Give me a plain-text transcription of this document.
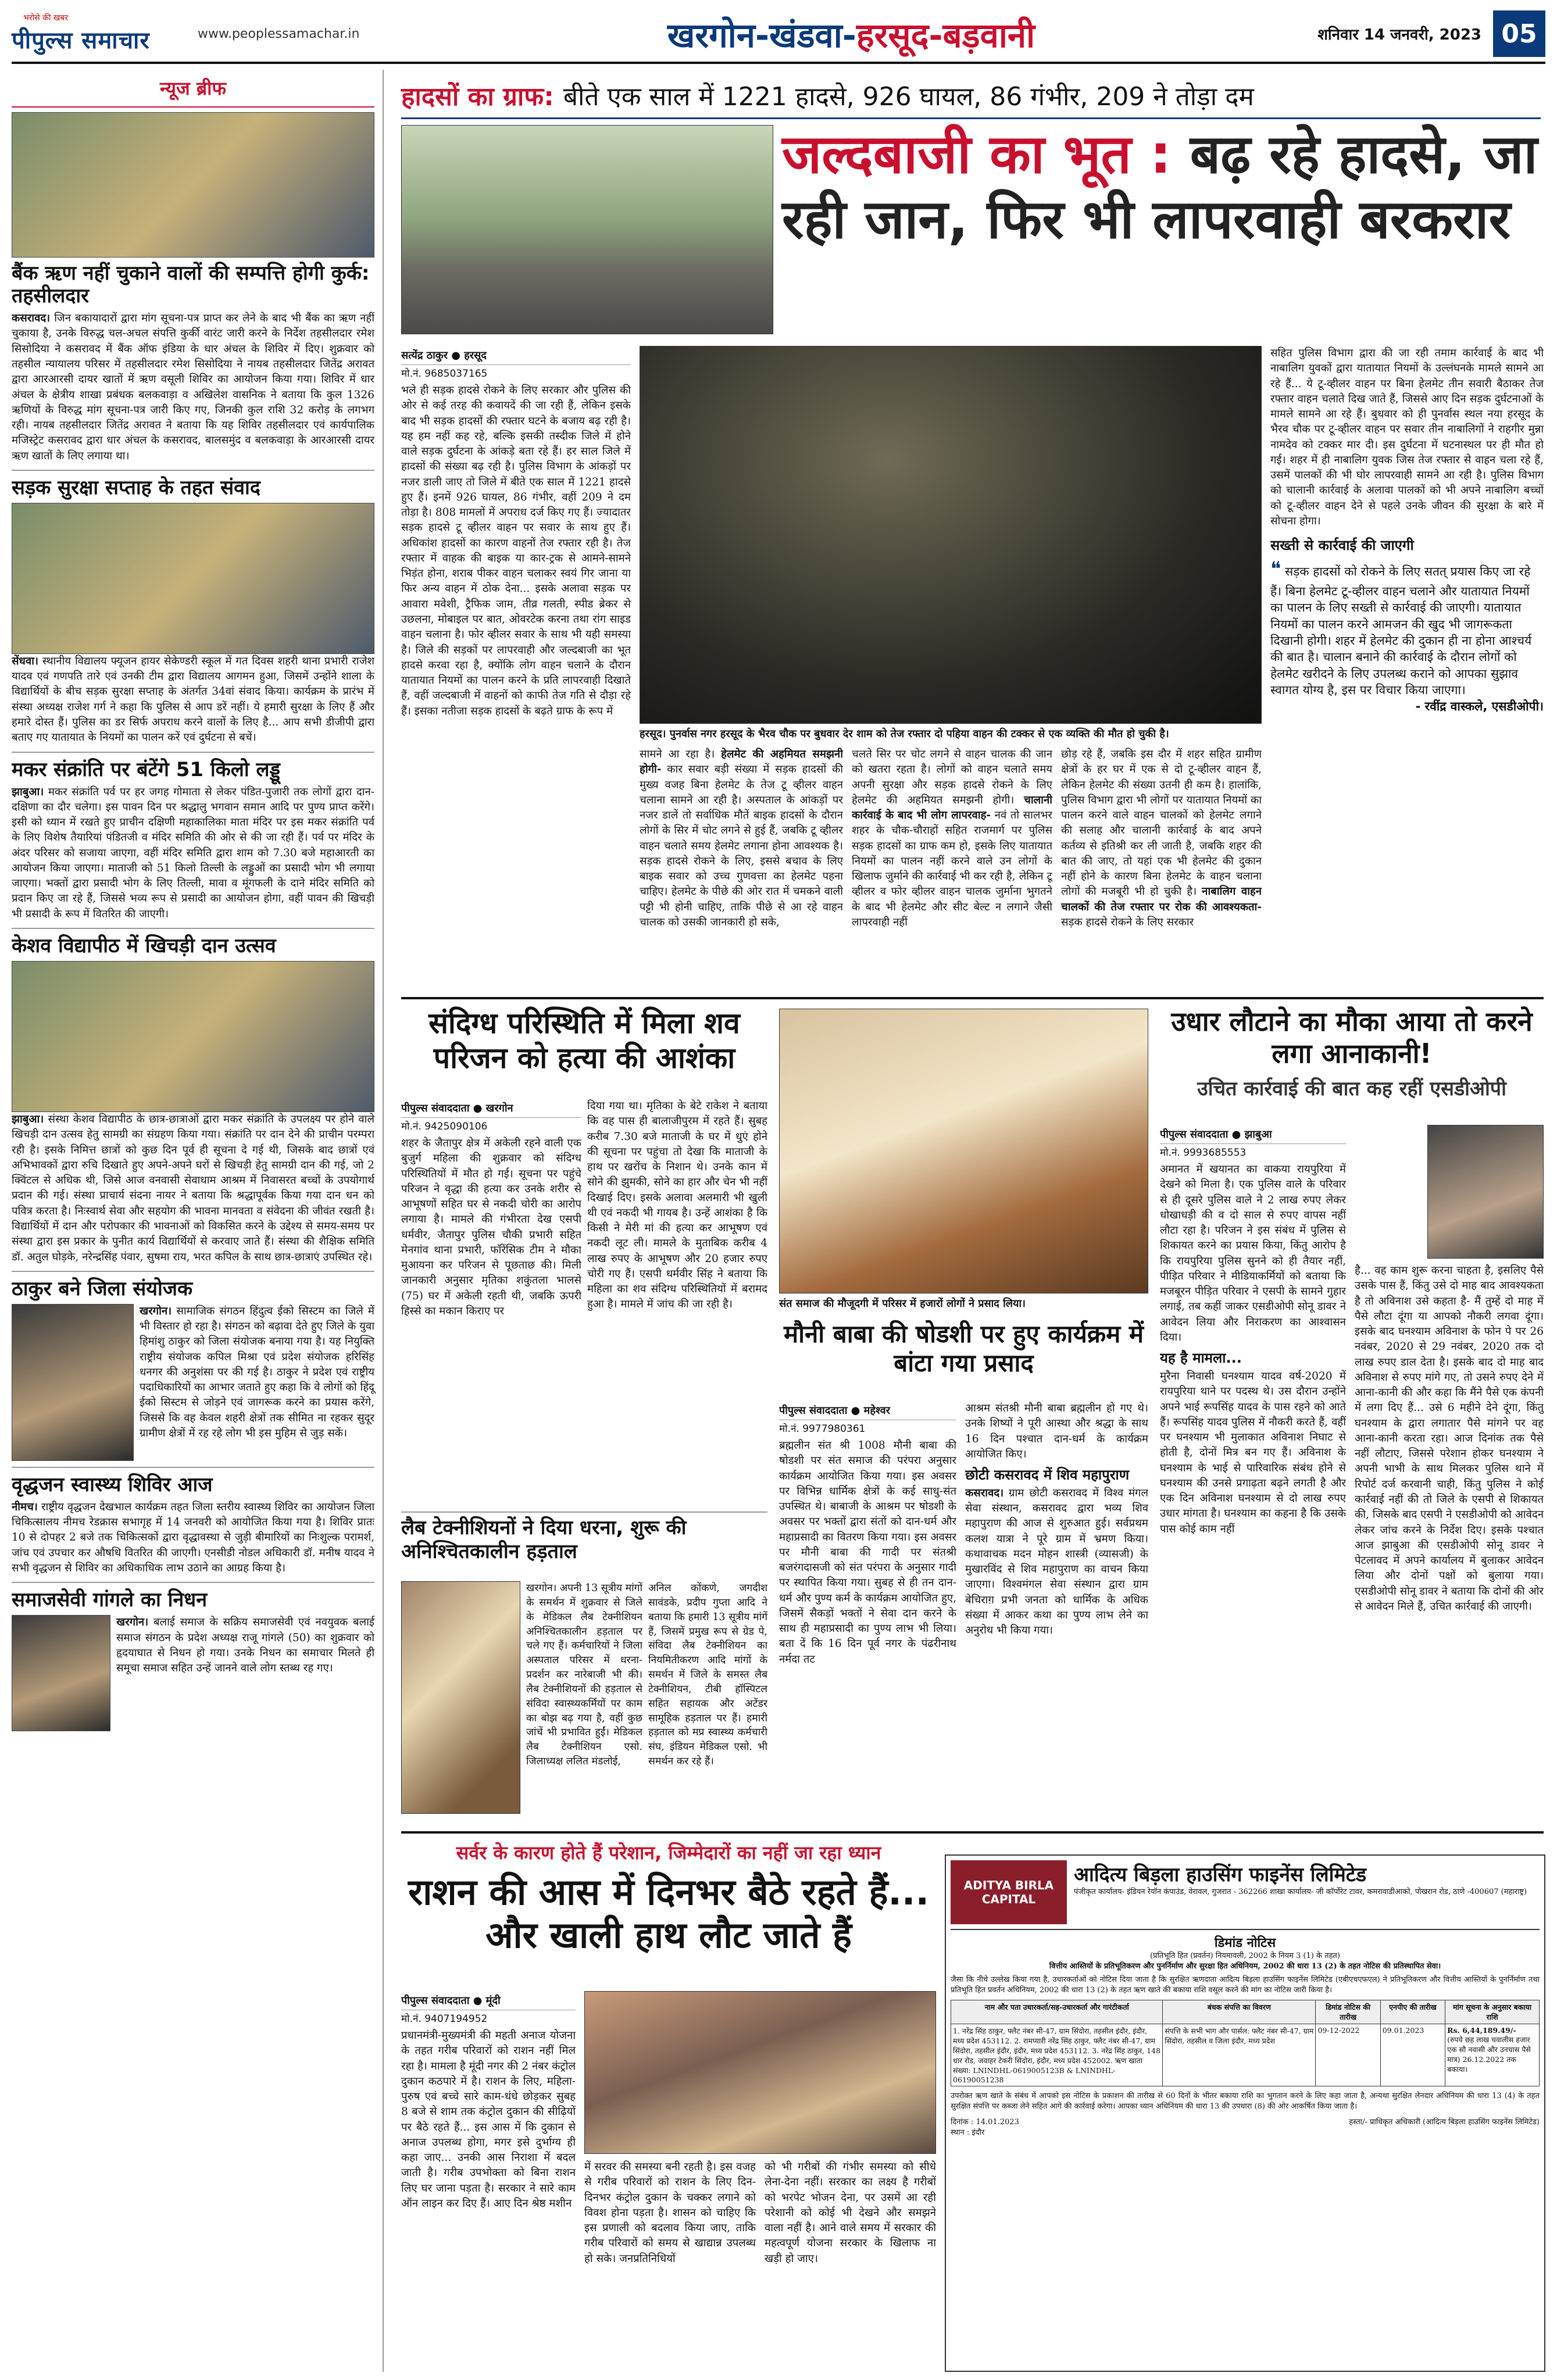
भरोसे की खबर
पीपुल्स समाचार	www.peoplessamachar.in	खरगोन-खंडवा-हरसूद-बड़वानी	शनिवार 14 जनवरी, 2023 05
न्यूज ब्रीफ
बैंक ऋण नहीं चुकाने वालों की सम्पत्ति होगी कुर्क: तहसीलदार

कसरावद। जिन बकायादारों द्वारा मांग सूचना-पत्र प्राप्त कर लेने के बाद भी बैंक का ऋण नहीं चुकाया है, उनके विरुद्ध चल-अचल संपत्ति कुर्की वारंट जारी करने के निर्देश तहसीलदार रमेश सिसोदिया ने कसरावद में बैंक ऑफ इंडिया के धार अंचल के शिविर में दिए। शुक्रवार को तहसील न्यायालय परिसर में तहसीलदार रमेश सिसोदिया ने नायब तहसीलदार जितेंद्र अरावत द्वारा आरआरसी दायर खातों में ऋण वसूली शिविर का आयोजन किया गया। शिविर में धार अंचल के क्षेत्रीय शाखा प्रबंधक बलकवाड़ा व अखिलेश वासनिक ने बताया कि कुल 1326 ऋणियों के विरुद्ध मांग सूचना-पत्र जारी किए गए, जिनकी कुल राशि 32 करोड़ के लगभग रही। नायब तहसीलदार जितेंद्र अरावत ने बताया कि यह शिविर तहसीलदार एवं कार्यपालिक मजिस्ट्रेट कसरावद द्वारा धार अंचल के कसरावद, बालसमुंद व बलकवाड़ा के आरआरसी दायर ऋण खातों के लिए लगाया था।

सड़क सुरक्षा सप्ताह के तहत संवाद

सेंधवा। स्थानीय विद्यालय फ्यूजन हायर सेकेण्डरी स्कूल में गत दिवस शहरी थाना प्रभारी राजेश यादव एवं गणपति तारे एवं उनकी टीम द्वारा विद्यालय आगमन हुआ, जिसमें उन्होंने शाला के विद्यार्थियों के बीच सड़क सुरक्षा सप्ताह के अंतर्गत 34वां संवाद किया। कार्यक्रम के प्रारंभ में संस्था अध्यक्ष राजेश गर्ग ने कहा कि पुलिस से आप डरें नहीं। ये हमारी सुरक्षा के लिए हैं और हमारे दोस्त हैं। पुलिस का डर सिर्फ अपराध करने वालों के लिए है... आप सभी डीजीपी द्वारा बताए गए यातायात के नियमों का पालन करें एवं दुर्घटना से बचें।

मकर संक्रांति पर बंटेंगे 51 किलो लड्डू

झाबुआ। मकर संक्रांति पर्व पर हर जगह गोमाता से लेकर पंडित-पुजारी तक लोगों द्वारा दान-दक्षिणा का दौर चलेगा। इस पावन दिन पर श्रद्धालु भगवान समान आदि पर पुण्य प्राप्त करेंगे। इसी को ध्यान में रखते हुए प्राचीन दक्षिणी महाकालिका माता मंदिर पर इस मकर संक्रांति पर्व के लिए विशेष तैयारियां पंडितजी व मंदिर समिति की ओर से की जा रही हैं। पर्व पर मंदिर के अंदर परिसर को सजाया जाएगा, वहीं मंदिर समिति द्वारा शाम को 7.30 बजे महाआरती का आयोजन किया जाएगा। माताजी को 51 किलो तिल्ली के लड्डुओं का प्रसादी भोग भी लगाया जाएगा। भक्तों द्वारा प्रसादी भोग के लिए तिल्ली, मावा व मूंगफली के दाने मंदिर समिति को प्रदान किए जा रहे हैं, जिससे भव्य रूप से प्रसादी का आयोजन होगा, वहीं पावन की खिचड़ी भी प्रसादी के रूप में वितरित की जाएगी।

केशव विद्यापीठ में खिचड़ी दान उत्सव

झाबुआ। संस्था केशव विद्यापीठ के छात्र-छात्राओं द्वारा मकर संक्रांति के उपलक्ष्य पर होने वाले खिचड़ी दान उत्सव हेतु सामग्री का संग्रहण किया गया। संक्रांति पर दान देने की प्राचीन परम्परा रही है। इसके निमित्त छात्रों को कुछ दिन पूर्व ही सूचना दे गई थी, जिसके बाद छात्रों एवं अभिभावकों द्वारा रुचि दिखाते हुए अपने-अपने घरों से खिचड़ी हेतु सामग्री दान की गई, जो 2 क्विंटल से अधिक थी, जिसे आज वनवासी सेवाधाम आश्रम में निवासरत बच्चों के उपयोगार्थ प्रदान की गई। संस्था प्राचार्य संदना नायर ने बताया कि श्रद्धापूर्वक किया गया दान धन को पवित्र करता है। निःस्वार्थ सेवा और सहयोग की भावना मानवता व संवेदना की जीवंत रखती है। विद्यार्थियों में दान और परोपकार की भावनाओं को विकसित करने के उद्देश्य से समय-समय पर संस्था द्वारा इस प्रकार के पुनीत कार्य विद्यार्थियों से करवाए जाते हैं। संस्था की शैक्षिक समिति डॉ. अतुल घोड़के, नरेन्द्रसिंह पंवार, सुषमा राय, भरत कपिल के साथ छात्र-छात्राएं उपस्थित रहे।

ठाकुर बने जिला संयोजक

खरगोन। सामाजिक संगठन हिंदुत्व ईको सिस्टम का जिले में भी विस्तार हो रहा है। संगठन को बढ़ावा देते हुए जिले के युवा हिमांशु ठाकुर को जिला संयोजक बनाया गया है। यह नियुक्ति राष्ट्रीय संयोजक कपिल मिश्रा एवं प्रदेश संयोजक हरिसिंह धनगर की अनुशंसा पर की गई है। ठाकुर ने प्रदेश एवं राष्ट्रीय पदाधिकारियों का आभार जताते हुए कहा कि वे लोगों को हिंदू ईको सिस्टम से जोड़ने एवं जागरूक करने का प्रयास करेंगे, जिससे कि वह केवल शहरी क्षेत्रों तक सीमित ना रहकर सुदूर ग्रामीण क्षेत्रों में रह रहे लोग भी इस मुहिम से जुड़ सकें।

वृद्धजन स्वास्थ्य शिविर आज

नीमच। राष्ट्रीय वृद्धजन देखभाल कार्यक्रम तहत जिला स्तरीय स्वास्थ्य शिविर का आयोजन जिला चिकित्सालय नीमच रेडक्रास सभागृह में 14 जनवरी को आयोजित किया गया है। शिविर प्रातः 10 से दोपहर 2 बजे तक चिकित्सकों द्वारा वृद्धावस्था से जुड़ी बीमारियों का निःशुल्क परामर्श, जांच एवं उपचार कर औषधि वितरित की जाएगी। एनसीडी नोडल अधिकारी डॉ. मनीष यादव ने सभी वृद्धजन से शिविर का अधिकाधिक लाभ उठाने का आग्रह किया है।

समाजसेवी गांगले का निधन

खरगोन। बलाई समाज के सक्रिय समाजसेवी एवं नवयुवक बलाई समाज संगठन के प्रदेश अध्यक्ष राजू गांगले (50) का शुक्रवार को हृदयाघात से निधन हो गया। उनके निधन का समाचार मिलते ही समूचा समाज सहित उन्हें जानने वाले लोग स्तब्ध रह गए।

हादसों का ग्राफ: बीते एक साल में 1221 हादसे, 926 घायल, 86 गंभीर, 209 ने तोड़ा दम
जल्दबाजी का भूत : बढ़ रहे हादसे, जा रही जान, फिर भी लापरवाही बरकरार
सत्येंद्र ठाकुर ● हरसूद
मो.नं. 9685037165

भले ही सड़क हादसे रोकने के लिए सरकार और पुलिस की ओर से कई तरह की कवायदें की जा रही हैं, लेकिन इसके बाद भी सड़क हादसों की रफ्तार घटने के बजाय बढ़ रही है। यह हम नहीं कह रहे, बल्कि इसकी तस्दीक जिले में होने वाले सड़क दुर्घटना के आंकड़े बता रहे हैं। हर साल जिले में हादसों की संख्या बढ़ रही है। पुलिस विभाग के आंकड़ों पर नजर डाली जाए तो जिले में बीते एक साल में 1221 हादसे हुए हैं। इनमें 926 घायल, 86 गंभीर, वहीं 209 ने दम तोड़ा है। 808 मामलों में अपराध दर्ज किए गए हैं। ज्यादातर सड़क हादसे टू व्हीलर वाहन पर सवार के साथ हुए हैं। अधिकांश हादसों का कारण वाहनों तेज रफ्तार रही है। तेज रफ्तार में वाहक की बाइक या कार-ट्रक से आमने-सामने भिड़ंत होना, शराब पीकर वाहन चलाकर स्वयं गिर जाना या फिर अन्य वाहन में ठोक देना... इसके अलावा सड़क पर आवारा मवेशी, ट्रैफिक जाम, तीव्र गलती, स्पीड ब्रेकर से उछलना, मोबाइल पर बात, ओवरटेक करना तथा रांग साइड वाहन चलाना है। फोर व्हीलर सवार के साथ भी यही समस्या है। जिले की सड़कों पर लापरवाही और जल्दबाजी का भूत हादसे करवा रहा है, क्योंकि लोग वाहन चलाने के दौरान यातायात नियमों का पालन करने के प्रति लापरवाही दिखाते हैं, वहीं जल्दबाजी में वाहनों को काफी तेज गति से दौड़ा रहे हैं। इसका नतीजा सड़क हादसों के बढ़ते ग्राफ के रूप में

हरसूद। पुनर्वास नगर हरसूद के भैरव चौक पर बुधवार देर शाम को तेज रफ्तार दो पहिया वाहन की टक्कर से एक व्यक्ति की मौत हो चुकी है।

सामने आ रहा है। हेलमेट की अहमियत समझनी होगी- कार सवार बड़ी संख्या में सड़क हादसों की मुख्य वजह बिना हेलमेट के तेज टू व्हीलर वाहन चलाना सामने आ रही है। अस्पताल के आंकड़ों पर नजर डालें तो सर्वाधिक मौतें बाइक हादसों के दौरान लोगों के सिर में चोट लगने से हुई हैं, जबकि टू व्हीलर वाहन चलाते समय हेलमेट लगाना होना आवश्यक है। सड़क हादसे रोकने के लिए, इससे बचाव के लिए बाइक सवार को उच्च गुणवत्ता का हेलमेट पहना चाहिए। हेलमेट के पीछे की ओर रात में चमकने वाली पट्टी भी होनी चाहिए, ताकि पीछे से आ रहे वाहन चालक को उसकी जानकारी हो सके,

चलते सिर पर चोट लगने से वाहन चालक की जान को खतरा रहता है। लोगों को वाहन चलाते समय अपनी सुरक्षा और सड़क हादसे रोकने के लिए हेलमेट की अहमियत समझनी होगी। चालानी कार्रवाई के बाद भी लोग लापरवाह- नवं तो सालभर शहर के चौक-चौराहों सहित राजमार्ग पर पुलिस सड़क हादसों का ग्राफ कम हो, इसके लिए यातायात नियमों का पालन नहीं करने वाले उन लोगों के खिलाफ जुर्माने की कार्रवाई भी कर रही है, लेकिन टू व्हीलर व फोर व्हीलर वाहन चालक जुर्माना भुगतने के बाद भी हेलमेट और सीट बेल्ट न लगाने जैसी लापरवाही नहीं

छोड़ रहे हैं, जबकि इस दौर में शहर सहित ग्रामीण क्षेत्रों के हर घर में एक से दो टू-व्हीलर वाहन हैं, लेकिन हेलमेट की संख्या उतनी ही कम है। हालांकि, पुलिस विभाग द्वारा भी लोगों पर यातायात नियमों का पालन करने वाले वाहन चालकों को हेलमेट लगाने की सलाह और चालानी कार्रवाई के बाद अपने कर्तव्य से इतिश्री कर ली जाती है, जबकि शहर की बात की जाए, तो यहां एक भी हेलमेट की दुकान नहीं होने के कारण बिना हेलमेट के वाहन चलाना लोगों की मजबूरी भी हो चुकी है। नाबालिग वाहन चालकों की तेज रफ्तार पर रोक की आवश्यकता- सड़क हादसे रोकने के लिए सरकार

सहित पुलिस विभाग द्वारा की जा रही तमाम कार्रवाई के बाद भी नाबालिग युवकों द्वारा यातायात नियमों के उल्लंघनके मामले सामने आ रहे हैं... ये टू-व्हीलर वाहन पर बिना हेलमेट तीन सवारी बैठाकर तेज रफ्तार वाहन चलाते दिख जाते हैं, जिससे आए दिन सड़क दुर्घटनाओं के मामले सामने आ रहे हैं। बुधवार को ही पुनर्वास स्थल नया हरसूद के भैरव चौक पर टू-व्हीलर वाहन पर सवार तीन नाबालिगों ने राहगीर मुन्ना नामदेव को टक्कर मार दी। इस दुर्घटना में घटनास्थल पर ही मौत हो गई। शहर में ही नाबालिग युवक जिस तेज रफ्तार से वाहन चला रहे हैं, उसमें पालकों की भी घोर लापरवाही सामने आ रही है। पुलिस विभाग को चालानी कार्रवाई के अलावा पालकों को भी अपने नाबालिग बच्चों को टू-व्हीलर वाहन देने से पहले उनके जीवन की सुरक्षा के बारे में सोचना होगा।

सख्ती से कार्रवाई की जाएगी

❝ सड़क हादसों को रोकने के लिए सतत् प्रयास किए जा रहे हैं। बिना हेलमेट टू-व्हीलर वाहन चलाने और यातायात नियमों का पालन के लिए सख्ती से कार्रवाई की जाएगी। यातायात नियमों का पालन करने आमजन की खुद भी जागरूकता दिखानी होगी। शहर में हेलमेट की दुकान ही ना होना आश्चर्य की बात है। चालान बनाने की कार्रवाई के दौरान लोगों को हेलमेट खरीदने के लिए उपलब्ध कराने को आपका सुझाव स्वागत योग्य है, इस पर विचार किया जाएगा।

- रवींद्र वास्कले, एसडीओपी।

संदिग्ध परिस्थिति में मिला शव परिजन को हत्या की आशंका
पीपुल्स संवाददाता ● खरगोन
मो.नं. 9425090106

शहर के जैतापुर क्षेत्र में अकेली रहने वाली एक बुजुर्ग महिला की शुक्रवार को संदिग्ध परिस्थितियों में मौत हो गई। सूचना पर पहुंचे परिजन ने वृद्धा की हत्या कर उनके शरीर से आभूषणों सहित घर से नकदी चोरी का आरोप लगाया है। मामले की गंभीरता देख एसपी धर्मवीर, जैतापुर पुलिस चौकी प्रभारी सहित मेनगांव थाना प्रभारी, फॉरेंसिक टीम ने मौका मुआयना कर परिजन से पूछताछ की। मिली जानकारी अनुसार मृतिका शकुंतला भालसे (75) घर में अकेली रहती थी, जबकि ऊपरी हिस्से का मकान किराए पर

दिया गया था। मृतिका के बेटे राकेश ने बताया कि वह पास ही बालाजीपुरम में रहते हैं। सुबह करीब 7.30 बजे माताजी के घर में धुएं होने की सूचना पर पहुंचा तो देखा कि माताजी के हाथ पर खरोंच के निशान थे। उनके कान में सोने की झुमकी, सोने का हार और चेन भी नहीं दिखाई दिए। इसके अलावा अलमारी भी खुली थी एवं नकदी भी गायब है। उन्हें आशंका है कि किसी ने मेरी मां की हत्या कर आभूषण एवं नकदी लूट ली। मामले के मुताबिक करीब 4 लाख रुपए के आभूषण और 20 हजार रुपए चोरी गए हैं। एसपी धर्मवीर सिंह ने बताया कि महिला का शव संदिग्ध परिस्थितियों में बरामद हुआ है। मामले में जांच की जा रही है।

लैब टेक्नीशियनों ने दिया धरना, शुरू की अनिश्चितकालीन हड़ताल

खरगोन। अपनी 13 सूत्रीय मांगों के समर्थन में शुक्रवार से जिले के मेडिकल लैब टेक्नीशियन अनिश्चितकालीन हड़ताल पर चले गए हैं। कर्मचारियों ने जिला अस्पताल परिसर में धरना-प्रदर्शन कर नारेबाजी भी की। लैब टेक्नीशियनों की हड़ताल से संविदा स्वास्थ्यकर्मियों पर काम का बोझ बढ़ गया है, वहीं कुछ जांचें भी प्रभावित हुईं। मेडिकल लैब टेक्नीशियन एसो. जिलाध्यक्ष ललित मंडलोई,

अनिल कोंकणे, जगदीश सावंडके, प्रदीप गुप्ता आदि ने बताया कि हमारी 13 सूत्रीय मांगें हैं, जिसमें प्रमुख रूप से ग्रेड पे, संविदा लैब टेक्नीशियन का नियमितीकरण आदि मांगों के समर्थन में जिले के समस्त लैब टेक्नीशियन, टीबी हॉस्पिटल सहित सहायक और अटेंडर सामूहिक हड़ताल पर हैं। हमारी हड़ताल को मप्र स्वास्थ्य कर्मचारी संघ, इंडियन मेडिकल एसो. भी समर्थन कर रहे हैं।

संत समाज की मौजूदगी में परिसर में हजारों लोगों ने प्रसाद लिया।
मौनी बाबा की षोडशी पर हुए कार्यक्रम में बांटा गया प्रसाद
पीपुल्स संवाददाता ● महेश्वर
मो.नं. 9977980361

ब्रह्मलीन संत श्री 1008 मौनी बाबा की षोडशी पर संत समाज की परंपरा अनुसार कार्यक्रम आयोजित किया गया। इस अवसर पर विभिन्न धार्मिक क्षेत्रों के कई साधु-संत उपस्थित थे। बाबाजी के आश्रम पर षोडशी के अवसर पर भक्तों द्वारा संतों को दान-धर्म और महाप्रसादी का वितरण किया गया। इस अवसर पर मौनी बाबा की गादी पर संतश्री बजरंगदासजी को संत परंपरा के अनुसार गादी पर स्थापित किया गया। सुबह से ही तन दान-धर्म और पुण्य कर्म के कार्यक्रम आयोजित हुए, जिसमें सैकड़ों भक्तों ने सेवा दान करने के साथ ही महाप्रसादी का पुण्य लाभ भी लिया। बता दें कि 16 दिन पूर्व नगर के पंढरीनाथ नर्मदा तट

आश्रम संतश्री मौनी बाबा ब्रह्मलीन हो गए थे। उनके शिष्यों ने पूरी आस्था और श्रद्धा के साथ 16 दिन पश्चात दान-धर्म के कार्यक्रम आयोजित किए।

छोटी कसरावद में शिव महापुराण

कसरावद। ग्राम छोटी कसरावद में विश्व मंगल सेवा संस्थान, कसरावद द्वारा भव्य शिव महापुराण की आज से शुरुआत हुई। सर्वप्रथम कलश यात्रा ने पूरे ग्राम में भ्रमण किया। कथावाचक मदन मोहन शास्त्री (व्यासजी) के मुखारविंद से शिव महापुराण का वाचन किया जाएगा। विश्वमंगल सेवा संस्थान द्वारा ग्राम बेचिराग़ प्रभी जनता को धार्मिक के अधिक संख्या में आकर कथा का पुण्य लाभ लेने का अनुरोध भी किया गया।

उधार लौटाने का मौका आया तो करने लगा आनाकानी!
उचित कार्रवाई की बात कह रहीं एसडीओपी
पीपुल्स संवाददाता ● झाबुआ
मो.नं. 9993685553

अमानत में खयानत का वाकया रायपुरिया में देखने को मिला है। एक पुलिस वाले के परिवार से ही दूसरे पुलिस वाले ने 2 लाख रुपए लेकर धोखाधड़ी की व दो साल से रुपए वापस नहीं लौटा रहा है। परिजन ने इस संबंध में पुलिस से शिकायत करने का प्रयास किया, किंतु आरोप है कि रायपुरिया पुलिस सुनने को ही तैयार नहीं, पीड़ित परिवार ने मीडियाकर्मियों को बताया कि मजबूरन पीड़ित परिवार ने एसपी के सामने गुहार लगाई, तब कहीं जाकर एसडीओपी सोनू डावर ने आवेदन लिया और निराकरण का आश्वासन दिया।

यह है मामला...

मुरैना निवासी घनश्याम यादव वर्ष-2020 में रायपुरिया थाने पर पदस्थ थे। उस दौरान उन्होंने अपने भाई रूपसिंह यादव के पास रहने को आते हैं। रूपसिंह यादव पुलिस में नौकरी करते हैं, वहीं पर घनश्याम भी मुलाकात अविनाश निघाट से होती है, दोनों मित्र बन गए हैं। अविनाश के घनश्याम के भाई से पारिवारिक संबंध होने से घनश्याम की उनसे प्रगाढ़ता बढ़ने लगती है और एक दिन अविनाश घनश्याम से दो लाख रुपए उधार मांगता है। घनश्याम का कहना है कि उसके पास कोई काम नहीं

है... वह काम शुरू करना चाहता है, इसलिए पैसे उसके पास हैं, किंतु उसे दो माह बाद आवश्यकता है तो अविनाश उसे कहता है- मैं तुम्हें दो माह में पैसे लौटा दूंगा या आपको नौकरी लगवा दूंगा। इसके बाद घनश्याम अविनाश के फोन पे पर 26 नवंबर, 2020 से 29 नवंबर, 2020 तक दो लाख रुपए डाल देता है। इसके बाद दो माह बाद अविनाश से रुपए मांगे गए, तो उसने रुपए देने में आना-कानी की और कहा कि मैंने पैसे एक कंपनी में लगा दिए हैं... उसे 6 महीने देने दूंगा, किंतु घनश्याम के द्वारा लगातार पैसे मांगने पर वह आना-कानी करता रहा। आज दिनांक तक पैसे नहीं लौटाए, जिससे परेशान होकर घनश्याम ने अपनी भाभी के साथ मिलकर पुलिस थाने में रिपोर्ट दर्ज करवानी चाही, किंतु पुलिस ने कोई कार्रवाई नहीं की तो जिले के एसपी से शिकायत की, जिसके बाद एसपी ने एसडीओपी को आवेदन लेकर जांच करने के निर्देश दिए। इसके पश्चात आज झाबुआ की एसडीओपी सोनू डावर ने पेटलावद में अपने कार्यालय में बुलाकर आवेदन लिया और दोनों पक्षों को बुलाया गया। एसडीओपी सोनू डावर ने बताया कि दोनों की ओर से आवेदन मिले हैं, उचित कार्रवाई की जाएगी।

सर्वर के कारण होते हैं परेशान, जिम्मेदारों का नहीं जा रहा ध्यान
राशन की आस में दिनभर बैठे रहते हैं... और खाली हाथ लौट जाते हैं
पीपुल्स संवाददाता ● मूंदी
मो.नं. 9407194952

प्रधानमंत्री-मुख्यमंत्री की महती अनाज योजना के तहत गरीब परिवारों को राशन नहीं मिल रहा है। मामला है मूंदी नगर की 2 नंबर कंट्रोल दुकान कठपारे में है। राशन के लिए, महिला-पुरुष एवं बच्चे सारे काम-धंधे छोड़कर सुबह 8 बजे से शाम तक कंट्रोल दुकान की सीढ़ियों पर बैठे रहते हैं... इस आस में कि दुकान से अनाज उपलब्ध होगा, मगर इसे दुर्भाग्य ही कहा जाए... उनकी आस निराशा में बदल जाती है। गरीब उपभोक्ता को बिना राशन लिए घर जाना पड़ता है। सरकार ने सारे काम ऑन लाइन कर दिए हैं। आए दिन श्रेष्ठ मशीन

में सरवर की समस्या बनी रहती है। इस वजह से गरीब परिवारों को राशन के लिए दिन-दिनभर कंट्रोल दुकान के चक्कर लगाने को विवश होना पड़ता है। शासन को चाहिए कि इस प्रणाली को बदलाव किया जाए, ताकि गरीब परिवारों को समय से खाद्यान्न उपलब्ध हो सके। जनप्रतिनिधियों

को भी गरीबों की गंभीर समस्या को सीधे लेना-देना नहीं। सरकार का लक्ष्य है गरीबों को भरपेट भोजन देना, पर उसमें आ रही परेशानी को कोई भी देखने और समझने वाला नहीं है। आने वाले समय में सरकार की महत्वपूर्ण योजना सरकार के खिलाफ ना खड़ी हो जाए।

ADITYA BIRLA CAPITAL
आदित्य बिड़ला हाउसिंग फाइनेंस लिमिटेड
पंजीकृत कार्यालय- इंडियन रेयॉन कंपाउंड, वेरावल, गुजरात - 362266 शाखा कार्यालय- जी कॉर्पोरेट टावर, कमरावाडीआको, पोखरान रोड, ठाणे -400607 (महाराष्ट्र)
डिमांड नोटिस
(प्रतिभूति हित (प्रवर्तन) नियमावली, 2002 के नियम 3 (1) के तहत)
वित्तीय आस्तियों के प्रतिभूतिकरण और पुनर्निर्माण और सुरक्षा हित अधिनियम, 2002 की धारा 13 (2) के तहत नोटिस की प्रतिस्थापित सेवा।

जैसा कि नीचे उल्लेख किया गया है, उधारकर्ताओं को नोटिस दिया जाता है कि सुरक्षित ऋणदाता आदित्य बिड़ला हाउसिंग फाइनेंस लिमिटेड (एबीएचएफएल) ने प्रतिभूतिकरण और वित्तीय आस्तियों के पुनर्निर्माण तथा प्रतिभूति हित प्रवर्तन अधिनियम, 2002 की धारा 13 (2) के तहत ऋण खाते की बकाया राशि वसूल करने की मांग का नोटिस जारी किया है।

नाम और पता उधारकर्ता/सह-उधारकर्ता और गारंटीकर्ता	बंधक संपत्ति का विवरण	डिमांड नोटिस की तारीख	एनपीए की तारीख	मांग सूचना के अनुसार बकाया राशि
1. नरेंद्र सिंह ठाकुर, फ्लैट नंबर सी-47, ग्राम सिंदोरा, तहसील इंदौर, इंदौर, मध्य प्रदेश 453112. 2. रामप्यारी नरेंद्र सिंह ठाकुर, फ्लैट नंबर सी-47, ग्राम सिंदोरा, तहसील इंदौर, इंदौर, मध्य प्रदेश 453112. 3. नरेंद्र सिंह ठाकुर, 148 धार रोड, जवाहर टेकरी सिंदोरा, इंदौर, मध्य प्रदेश 452002. ऋण खाता संख्या: LNINDHL-0619005123B & LNINDHL-06190051238	संपत्ति के सभी भाग और पार्सल: फ्लैट नंबर सी-47, ग्राम सिंदोरा, तहसील व जिला इंदौर, मध्य प्रदेश	09-12-2022	09.01.2023	Rs. 6,44,189.49/-
(रुपये छह लाख चवालीस हजार एक सौ नवासी और उनचास पैसे मात्र) 26.12.2022 तक बकाया।

उपरोक्त ऋण खाते के संबंध में आपको इस नोटिस के प्रकाशन की तारीख से 60 दिनों के भीतर बकाया राशि का भुगतान करने के लिए कहा जाता है, अन्यथा सुरक्षित लेनदार अधिनियम की धारा 13 (4) के तहत सुरक्षित संपत्ति पर कब्जा लेने सहित आगे की कार्रवाई करेगा। आपका ध्यान अधिनियम की धारा 13 की उपधारा (8) की ओर आकर्षित किया जाता है।

दिनांक : 14.01.2023
स्थान : इंदौर
हस्ता/- प्राधिकृत अधिकारी (आदित्य बिड़ला हाउसिंग फाइनेंस लिमिटेड)
